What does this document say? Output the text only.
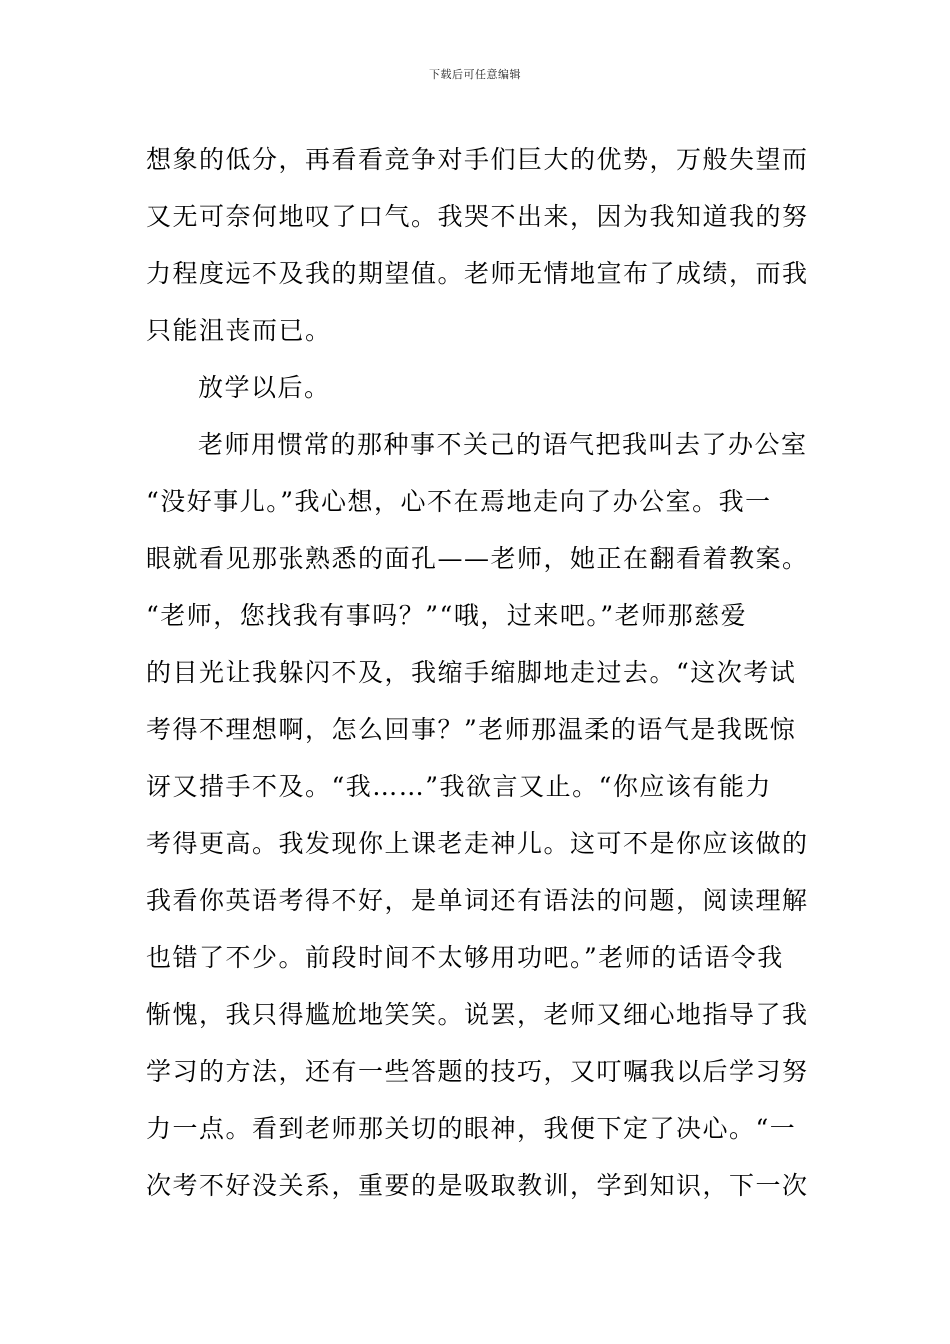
下载后可任意编辑
想象的低分，再看看竞争对手们巨大的优势，万般失望而
又无可奈何地叹了口气。我哭不出来，因为我知道我的努
力程度远不及我的期望值。老师无情地宣布了成绩，而我
只能沮丧而已。
放学以后。
老师用惯常的那种事不关己的语气把我叫去了办公室
“没好事儿。”我心想，心不在焉地走向了办公室。我一
眼就看见那张熟悉的面孔——老师，她正在翻看着教案。
“老师，您找我有事吗？”“哦，过来吧。”老师那慈爱
的目光让我躲闪不及，我缩手缩脚地走过去。“这次考试
考得不理想啊，怎么回事？”老师那温柔的语气是我既惊
讶又措手不及。“我……”我欲言又止。“你应该有能力
考得更高。我发现你上课老走神儿。这可不是你应该做的
我看你英语考得不好，是单词还有语法的问题，阅读理解
也错了不少。前段时间不太够用功吧。”老师的话语令我
惭愧，我只得尴尬地笑笑。说罢，老师又细心地指导了我
学习的方法，还有一些答题的技巧，又叮嘱我以后学习努
力一点。看到老师那关切的眼神，我便下定了决心。“一
次考不好没关系，重要的是吸取教训，学到知识，下一次
